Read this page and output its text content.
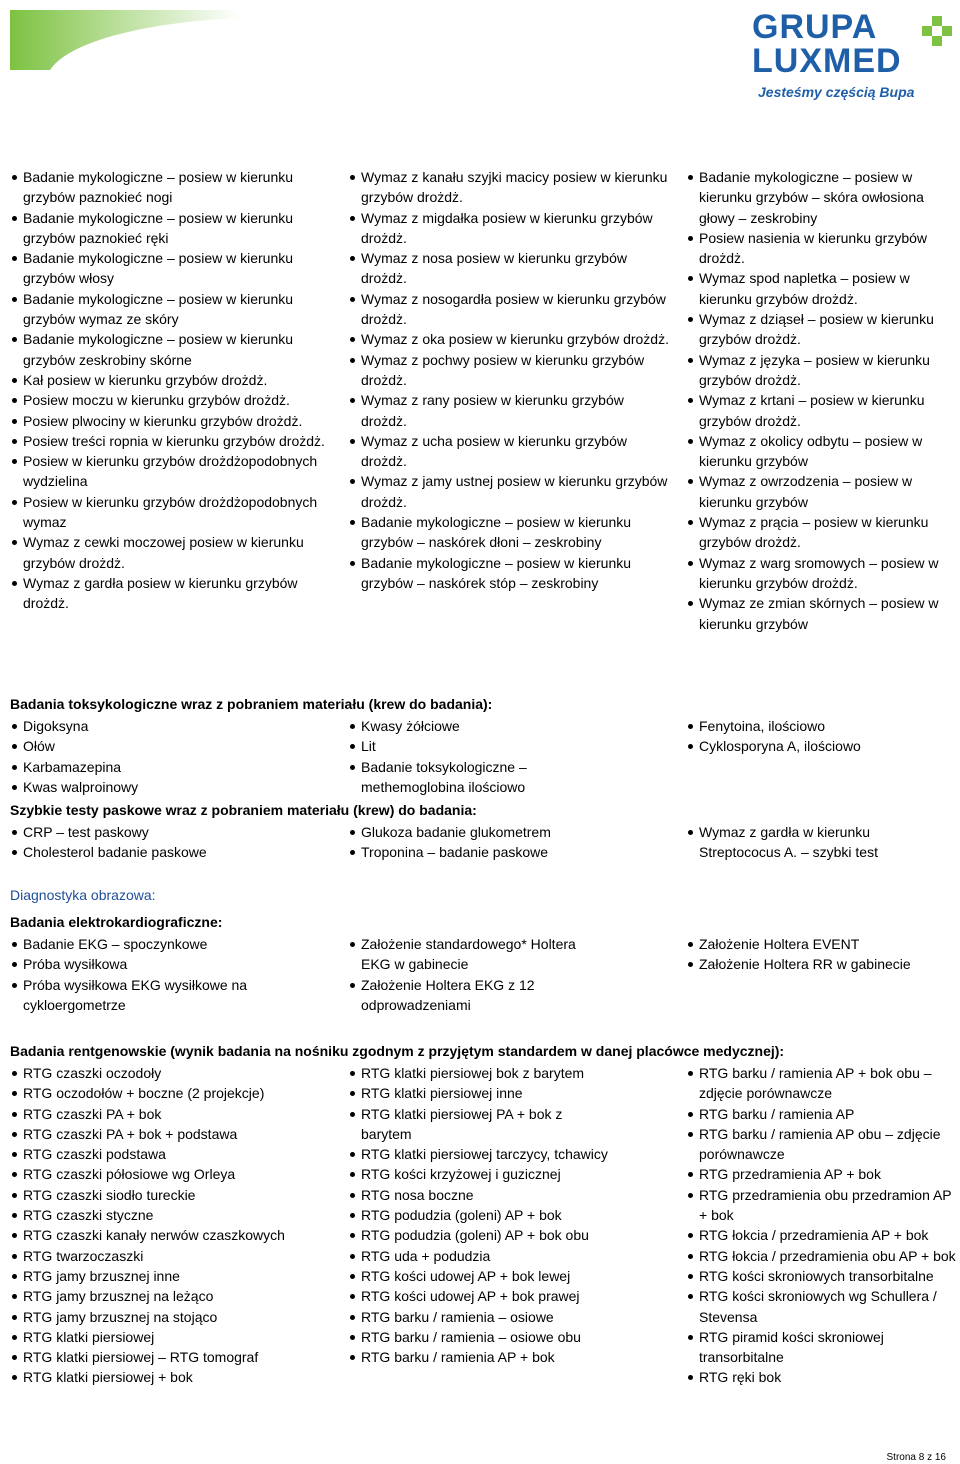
GRUPA
LUXMED
Jesteśmy częścią Bupa
Badanie mykologiczne – posiew w kierunku grzybów paznokieć nogi
Badanie mykologiczne – posiew w kierunku grzybów paznokieć ręki
Badanie mykologiczne – posiew w kierunku grzybów włosy
Badanie mykologiczne – posiew w kierunku grzybów wymaz ze skóry
Badanie mykologiczne – posiew w kierunku grzybów zeskrobiny skórne
Kał posiew w kierunku grzybów drożdż.
Posiew moczu w kierunku grzybów drożdż.
Posiew plwociny w kierunku grzybów drożdż.
Posiew treści ropnia w kierunku grzybów drożdż.
Posiew w kierunku grzybów drożdżopodobnych wydzielina
Posiew w kierunku grzybów drożdżopodobnych wymaz
Wymaz z cewki moczowej posiew w kierunku grzybów drożdż.
Wymaz z gardła posiew w kierunku grzybów drożdż.
Wymaz z kanału szyjki macicy posiew w kierunku grzybów drożdż.
Wymaz z migdałka posiew w kierunku grzybów drożdż.
Wymaz z nosa posiew w kierunku grzybów drożdż.
Wymaz z nosogardła posiew w kierunku grzybów drożdż.
Wymaz z oka posiew w kierunku grzybów drożdż.
Wymaz z pochwy posiew w kierunku grzybów drożdż.
Wymaz z rany posiew w kierunku grzybów drożdż.
Wymaz z ucha posiew w kierunku grzybów drożdż.
Wymaz z jamy ustnej posiew w kierunku grzybów drożdż.
Badanie mykologiczne – posiew w kierunku grzybów – naskórek dłoni – zeskrobiny
Badanie mykologiczne – posiew w kierunku grzybów – naskórek stóp – zeskrobiny
Badanie mykologiczne – posiew w kierunku grzybów – skóra owłosiona głowy – zeskrobiny
Posiew nasienia w kierunku grzybów drożdż.
Wymaz spod napletka – posiew w kierunku grzybów drożdż.
Wymaz z dziąseł – posiew w kierunku grzybów drożdż.
Wymaz z języka – posiew w kierunku grzybów drożdż.
Wymaz z krtani – posiew w kierunku grzybów drożdż.
Wymaz z okolicy odbytu – posiew w kierunku grzybów
Wymaz z owrzodzenia – posiew w kierunku grzybów
Wymaz z prącia – posiew w kierunku grzybów drożdż.
Wymaz z warg sromowych – posiew w kierunku grzybów drożdż.
Wymaz ze zmian skórnych – posiew w kierunku grzybów
Badania toksykologiczne wraz z pobraniem materiału (krew do badania):
Digoksyna
Ołów
Karbamazepina
Kwas walproinowy
Kwasy żółciowe
Lit
Badanie toksykologiczne – methemoglobina ilościowo
Fenytoina, ilościowo
Cyklosporyna A, ilościowo
Szybkie testy paskowe wraz z pobraniem materiału (krew) do badania:
CRP – test paskowy
Cholesterol badanie paskowe
Glukoza badanie glukometrem
Troponina – badanie paskowe
Wymaz z gardła w kierunku Streptococus A. – szybki test
Diagnostyka obrazowa:
Badania elektrokardiograficzne:
Badanie EKG – spoczynkowe
Próba wysiłkowa
Próba wysiłkowa EKG wysiłkowe na cykloergometrze
Założenie standardowego* Holtera EKG w gabinecie
Założenie Holtera EKG z 12 odprowadzeniami
Założenie Holtera EVENT
Założenie Holtera RR w gabinecie
Badania rentgenowskie (wynik badania na nośniku zgodnym z przyjętym standardem w danej placówce medycznej):
RTG czaszki oczodoły
RTG oczodołów + boczne (2 projekcje)
RTG czaszki PA + bok
RTG czaszki PA + bok + podstawa
RTG czaszki podstawa
RTG czaszki półosiowe wg Orleya
RTG czaszki siodło tureckie
RTG czaszki styczne
RTG czaszki kanały nerwów czaszkowych
RTG twarzoczaszki
RTG jamy brzusznej inne
RTG jamy brzusznej na leżąco
RTG jamy brzusznej na stojąco
RTG klatki piersiowej
RTG klatki piersiowej – RTG tomograf
RTG klatki piersiowej + bok
RTG klatki piersiowej bok z barytem
RTG klatki piersiowej inne
RTG klatki piersiowej PA + bok z barytem
RTG klatki piersiowej tarczycy, tchawicy
RTG kości krzyżowej i guzicznej
RTG nosa boczne
RTG podudzia (goleni) AP + bok
RTG podudzia (goleni) AP + bok obu
RTG uda + podudzia
RTG kości udowej AP + bok lewej
RTG kości udowej AP + bok prawej
RTG barku / ramienia – osiowe
RTG barku / ramienia – osiowe obu
RTG barku / ramienia AP + bok
RTG barku / ramienia AP + bok obu – zdjęcie porównawcze
RTG barku / ramienia AP
RTG barku / ramienia AP obu – zdjęcie porównawcze
RTG przedramienia AP + bok
RTG przedramienia obu przedramion AP + bok
RTG łokcia / przedramienia AP + bok
RTG łokcia / przedramienia obu AP + bok
RTG kości skroniowych transorbitalne
RTG kości skroniowych wg Schullera / Stevensa
RTG piramid kości skroniowej transorbitalne
RTG ręki bok
Strona 8 z 16
